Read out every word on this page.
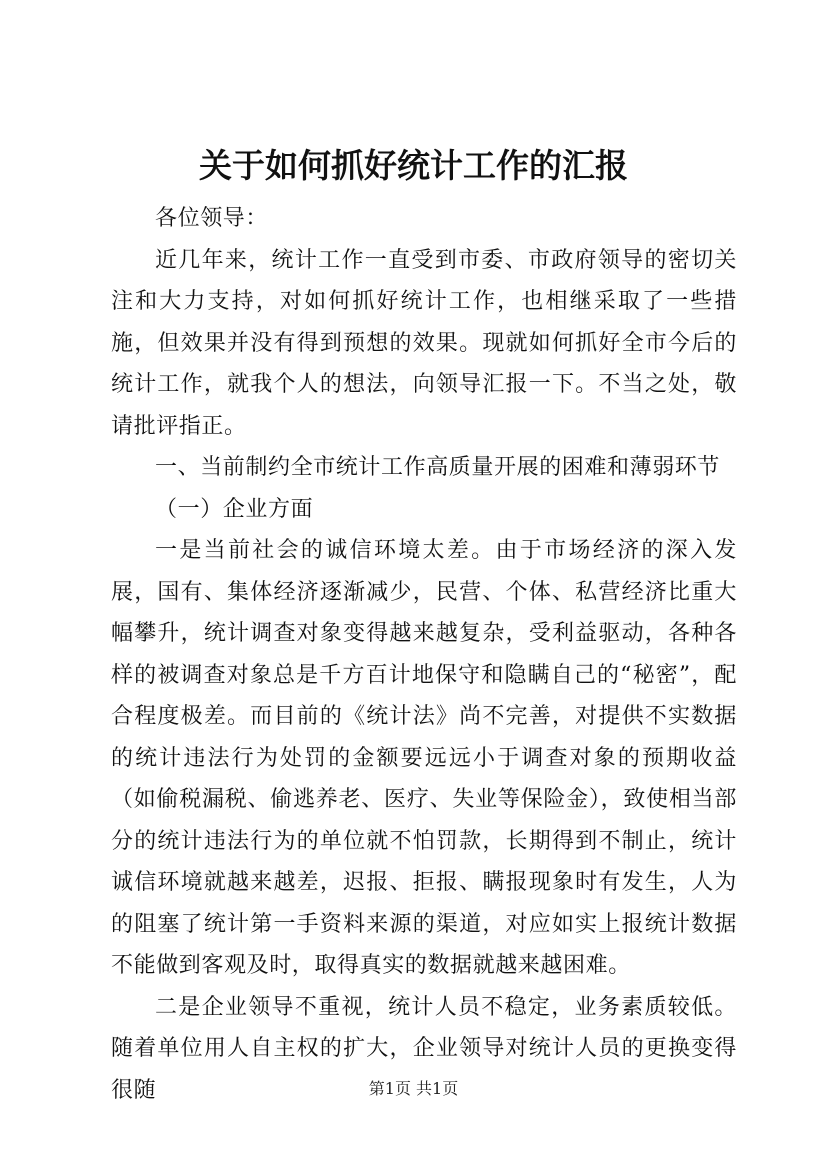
关于如何抓好统计工作的汇报

各位领导：

近几年来，统计工作一直受到市委、市政府领导的密切关注和大力支持，对如何抓好统计工作，也相继采取了一些措施，但效果并没有得到预想的效果。现就如何抓好全市今后的统计工作，就我个人的想法，向领导汇报一下。不当之处，敬请批评指正。

一、当前制约全市统计工作高质量开展的困难和薄弱环节

（一）企业方面

一是当前社会的诚信环境太差。由于市场经济的深入发展，国有、集体经济逐渐减少，民营、个体、私营经济比重大幅攀升，统计调查对象变得越来越复杂，受利益驱动，各种各样的被调查对象总是千方百计地保守和隐瞒自己的“秘密”，配合程度极差。而目前的《统计法》尚不完善，对提供不实数据的统计违法行为处罚的金额要远远小于调查对象的预期收益（如偷税漏税、偷逃养老、医疗、失业等保险金），致使相当部分的统计违法行为的单位就不怕罚款，长期得到不制止，统计诚信环境就越来越差，迟报、拒报、瞒报现象时有发生，人为的阻塞了统计第一手资料来源的渠道，对应如实上报统计数据不能做到客观及时，取得真实的数据就越来越困难。

二是企业领导不重视，统计人员不稳定，业务素质较低。随着单位用人自主权的扩大，企业领导对统计人员的更换变得很随	第1页 共1页
